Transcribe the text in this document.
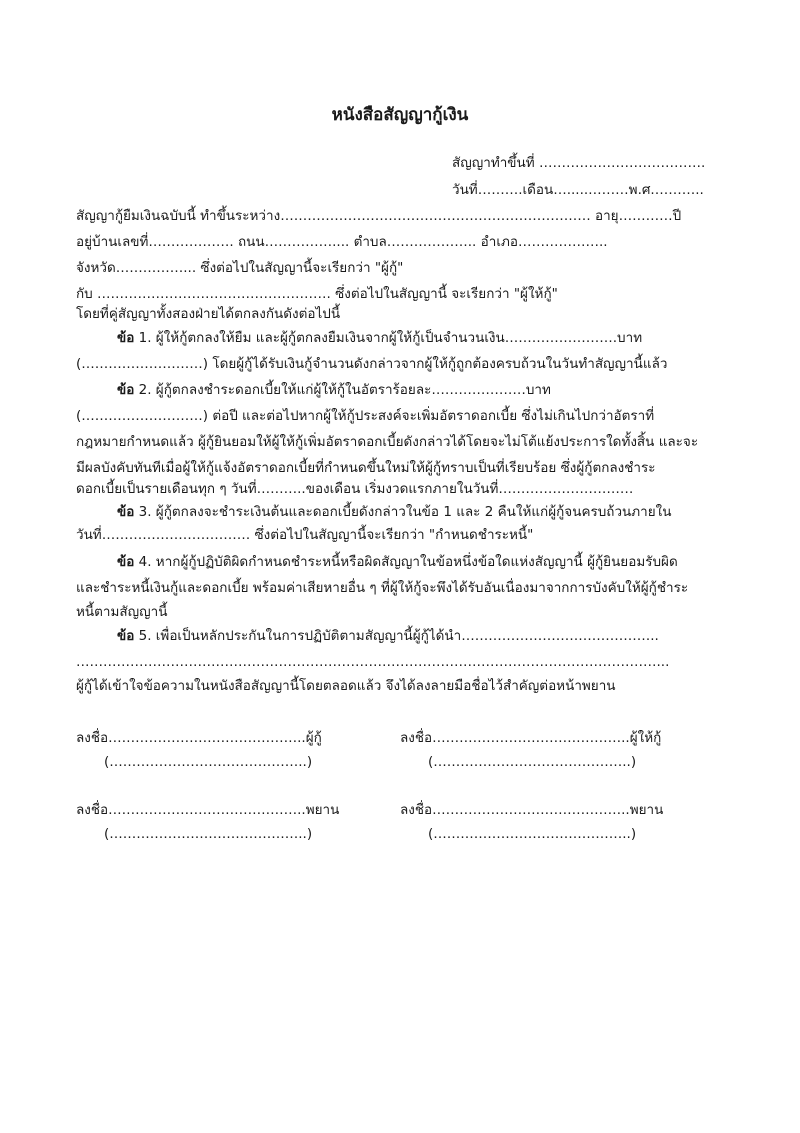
หนังสือสัญญากู้เงิน
สัญญาทำขึ้นที่ ……………………………….
วันที่……….เดือน….....………พ.ศ.………..
สัญญากู้ยืมเงินฉบับนี้ ทำขึ้นระหว่าง…………………………………………………………… อายุ…………ปี
อยู่บ้านเลขที่………………. ถนน…………….... ตำบล……………….. อำเภอ………………..
จังหวัด……………... ซึ่งต่อไปในสัญญานี้จะเรียกว่า "ผู้กู้"
กับ ……………………………………………. ซึ่งต่อไปในสัญญานี้ จะเรียกว่า "ผู้ให้กู้"
โดยที่คู่สัญญาทั้งสองฝ่ายได้ตกลงกันดังต่อไปนี้
ข้อ 1. ผู้ให้กู้ตกลงให้ยืม และผู้กู้ตกลงยืมเงินจากผู้ให้กู้เป็นจำนวนเงิน…………………….บาท
(………………………) โดยผู้กู้ได้รับเงินกู้จำนวนดังกล่าวจากผู้ให้กู้ถูกต้องครบถ้วนในวันทำสัญญานี้แล้ว
ข้อ 2. ผู้กู้ตกลงชำระดอกเบี้ยให้แก่ผู้ให้กู้ในอัตราร้อยละ…………………บาท
(………………………) ต่อปี และต่อไปหากผู้ให้กู้ประสงค์จะเพิ่มอัตราดอกเบี้ย ซึ่งไม่เกินไปกว่าอัตราที่
กฎหมายกำหนดแล้ว ผู้กู้ยินยอมให้ผู้ให้กู้เพิ่มอัตราดอกเบี้ยดังกล่าวได้โดยจะไม่โต้แย้งประการใดทั้งสิ้น และจะ
มีผลบังคับทันทีเมื่อผู้ให้กู้แจ้งอัตราดอกเบี้ยที่กำหนดขึ้นใหม่ให้ผู้กู้ทราบเป็นที่เรียบร้อย ซึ่งผู้กู้ตกลงชำระ
ดอกเบี้ยเป็นรายเดือนทุก ๆ วันที่………..ของเดือน เริ่มงวดแรกภายในวันที่…………………………
ข้อ 3. ผู้กู้ตกลงจะชำระเงินต้นและดอกเบี้ยดังกล่าวในข้อ 1 และ 2 คืนให้แก่ผู้กู้จนครบถ้วนภายใน
วันที่…………………………… ซึ่งต่อไปในสัญญานี้จะเรียกว่า "กำหนดชำระหนี้"
ข้อ 4. หากผู้กู้ปฏิบัติผิดกำหนดชำระหนี้หรือผิดสัญญาในข้อหนึ่งข้อใดแห่งสัญญานี้ ผู้กู้ยินยอมรับผิด
และชำระหนี้เงินกู้และดอกเบี้ย พร้อมค่าเสียหายอื่น ๆ ที่ผู้ให้กู้จะพึงได้รับอันเนื่องมาจากการบังคับให้ผู้กู้ชำระ
หนี้ตามสัญญานี้
ข้อ 5. เพื่อเป็นหลักประกันในการปฏิบัติตามสัญญานี้ผู้กู้ได้นำ……………………………………..
…………………………………………………………………………………………………………………...
ผู้กู้ได้เข้าใจข้อความในหนังสือสัญญานี้โดยตลอดแล้ว จึงได้ลงลายมือชื่อไว้สำคัญต่อหน้าพยาน
ลงชื่อ……………………………………..ผู้กู้	ลงชื่อ……………………………………..ผู้ให้กู้
(……………………………………..)	(……………………………………..)
ลงชื่อ……………………………………..พยาน	ลงชื่อ……………………………………..พยาน
(……………………………………..)	(……………………………………..)
